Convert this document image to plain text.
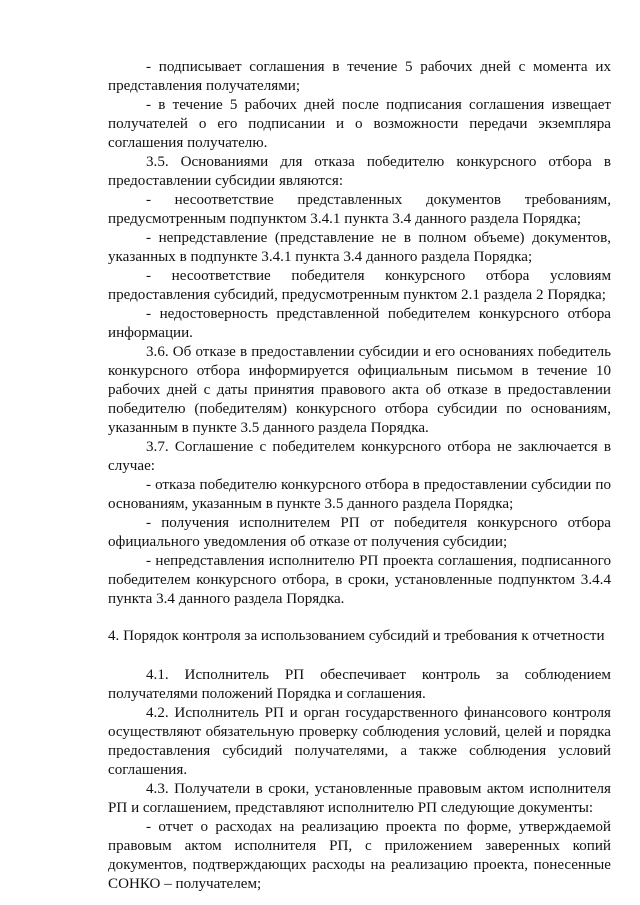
- подписывает соглашения в течение 5 рабочих дней с момента их представления получателями;

- в течение 5 рабочих дней после подписания соглашения извещает получателей о его подписании и о возможности передачи экземпляра соглашения получателю.

3.5. Основаниями для отказа победителю конкурсного отбора в предоставлении субсидии являются:

- несоответствие представленных документов требованиям, предусмотренным подпунктом 3.4.1 пункта 3.4 данного раздела Порядка;

- непредставление (представление не в полном объеме) документов, указанных в подпункте 3.4.1 пункта 3.4 данного раздела Порядка;

- несоответствие победителя конкурсного отбора условиям предоставления субсидий, предусмотренным пунктом 2.1 раздела 2 Порядка;

- недостоверность представленной победителем конкурсного отбора информации.

3.6. Об отказе в предоставлении субсидии и его основаниях победитель конкурсного отбора информируется официальным письмом в течение 10 рабочих дней с даты принятия правового акта об отказе в предоставлении победителю (победителям) конкурсного отбора субсидии по основаниям, указанным в пункте 3.5 данного раздела Порядка.

3.7. Соглашение с победителем конкурсного отбора не заключается в случае:

- отказа победителю конкурсного отбора в предоставлении субсидии по основаниям, указанным в пункте 3.5 данного раздела Порядка;

- получения исполнителем РП от победителя конкурсного отбора официального уведомления об отказе от получения субсидии;

- непредставления исполнителю РП проекта соглашения, подписанного победителем конкурсного отбора, в сроки, установленные подпунктом 3.4.4 пункта 3.4 данного раздела Порядка.

4. Порядок контроля за использованием субсидий и требования к отчетности

4.1. Исполнитель РП обеспечивает контроль за соблюдением получателями положений Порядка и соглашения.

4.2. Исполнитель РП и орган государственного финансового контроля осуществляют обязательную проверку соблюдения условий, целей и порядка предоставления субсидий получателями, а также соблюдения условий соглашения.

4.3. Получатели в сроки, установленные правовым актом исполнителя РП и соглашением, представляют исполнителю РП следующие документы:

- отчет о расходах на реализацию проекта по форме, утверждаемой правовым актом исполнителя РП, с приложением заверенных копий документов, подтверждающих расходы на реализацию проекта, понесенные СОНКО – получателем;
